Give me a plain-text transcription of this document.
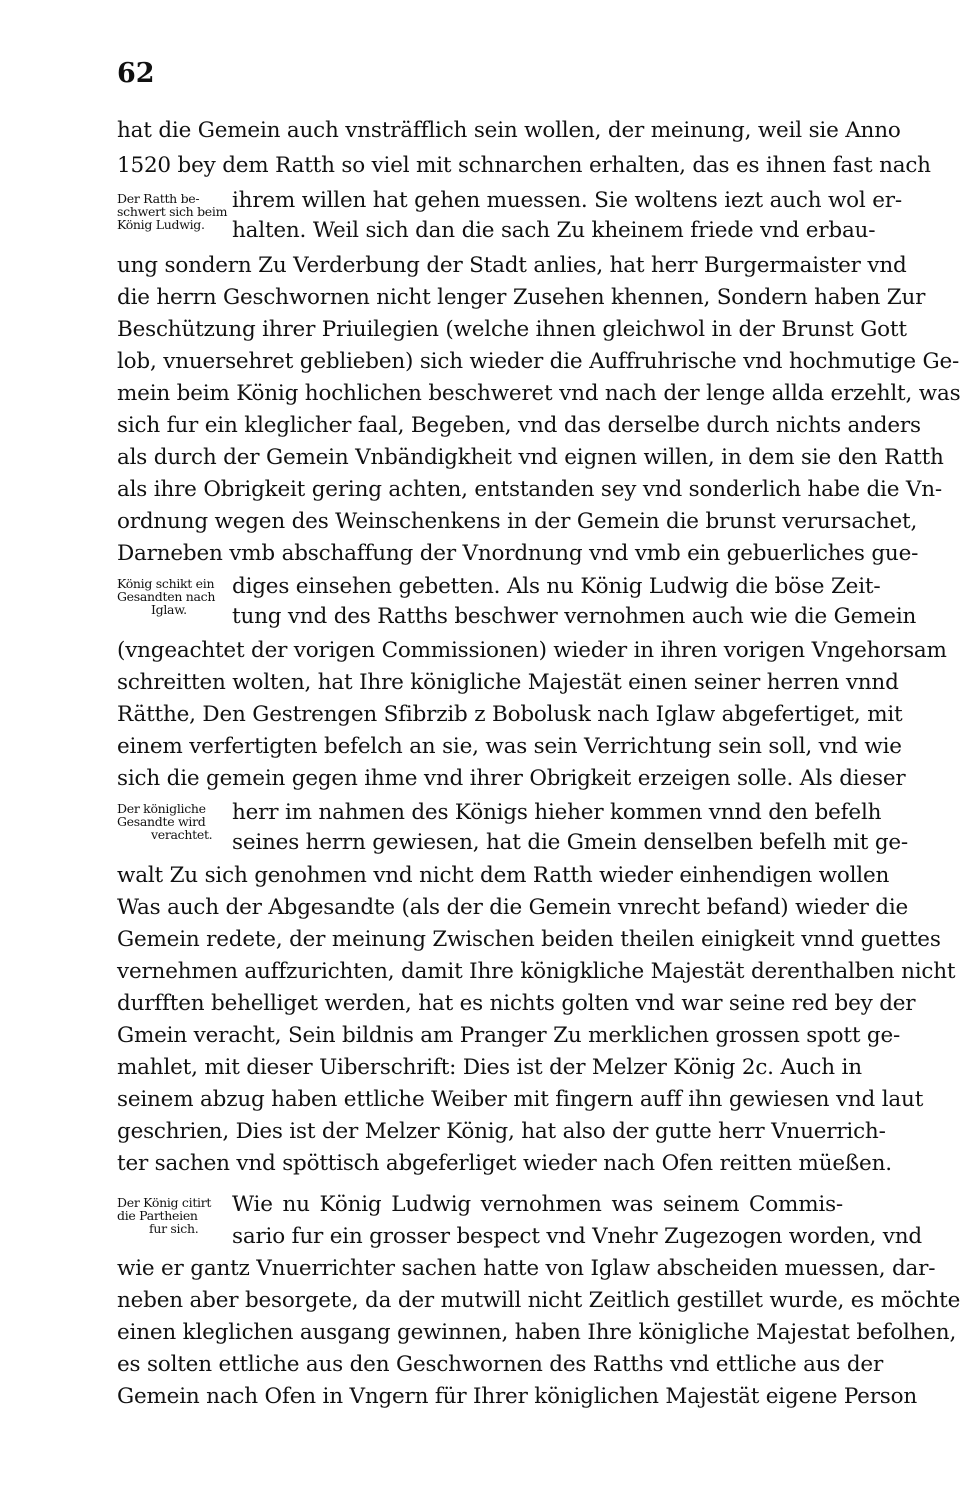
62
hat die Gemein auch vnsträfflich sein wollen, der meinung, weil sie Anno
1520 bey dem Ratth so viel mit schnarchen erhalten, das es ihnen fast nach
ihrem willen hat gehen muessen. Sie woltens iezt auch wol er-
halten. Weil sich dan die sach Zu kheinem friede vnd erbau-
ung sondern Zu Verderbung der Stadt anlies, hat herr Burgermaister vnd
die herrn Geschwornen nicht lenger Zusehen khennen, Sondern haben Zur
Beschützung ihrer Priuilegien (welche ihnen gleichwol in der Brunst Gott
lob, vnuersehret geblieben) sich wieder die Auffruhrische vnd hochmutige Ge-
mein beim König hochlichen beschweret vnd nach der lenge allda erzehlt, was
sich fur ein kleglicher faal, Begeben, vnd das derselbe durch nichts anders
als durch der Gemein Vnbändigkheit vnd eignen willen, in dem sie den Ratth
als ihre Obrigkeit gering achten, entstanden sey vnd sonderlich habe die Vn-
ordnung wegen des Weinschenkens in der Gemein die brunst verursachet,
Darneben vmb abschaffung der Vnordnung vnd vmb ein gebuerliches gue-
diges einsehen gebetten. Als nu König Ludwig die böse Zeit-
tung vnd des Ratths beschwer vernohmen auch wie die Gemein
(vngeachtet der vorigen Commissionen) wieder in ihren vorigen Vngehorsam
schreitten wolten, hat Ihre königliche Majestät einen seiner herren vnnd
Rätthe, Den Gestrengen Sfibrzib z Bobolusk nach Iglaw abgefertiget, mit
einem verfertigten befelch an sie, was sein Verrichtung sein soll, vnd wie
sich die gemein gegen ihme vnd ihrer Obrigkeit erzeigen solle. Als dieser
herr im nahmen des Königs hieher kommen vnnd den befelh
seines herrn gewiesen, hat die Gmein denselben befelh mit ge-
walt Zu sich genohmen vnd nicht dem Ratth wieder einhendigen wollen
Was auch der Abgesandte (als der die Gemein vnrecht befand) wieder die
Gemein redete, der meinung Zwischen beiden theilen einigkeit vnnd guettes
vernehmen auffzurichten, damit Ihre königkliche Majestät derenthalben nicht
durfften behelliget werden, hat es nichts golten vnd war seine red bey der
Gmein veracht, Sein bildnis am Pranger Zu merklichen grossen spott ge-
mahlet, mit dieser Uiberschrift: Dies ist der Melzer König 2c. Auch in
seinem abzug haben ettliche Weiber mit fingern auff ihn gewiesen vnd laut
geschrien, Dies ist der Melzer König, hat also der gutte herr Vnuerrich-
ter sachen vnd spöttisch abgeferliget wieder nach Ofen reitten müeßen.
Wie nu König Ludwig vernohmen was seinem Commis-
sario fur ein grosser bespect vnd Vnehr Zugezogen worden, vnd
wie er gantz Vnuerrichter sachen hatte von Iglaw abscheiden muessen, dar-
neben aber besorgete, da der mutwill nicht Zeitlich gestillet wurde, es möchte
einen kleglichen ausgang gewinnen, haben Ihre königliche Majestat befolhen,
es solten ettliche aus den Geschwornen des Ratths vnd ettliche aus der
Gemein nach Ofen in Vngern für Ihrer königlichen Majestät eigene Person
Der Ratth be-
schwert sich beim
König Ludwig.
König schikt ein
Gesandten nach
Iglaw.
Der königliche
Gesandte wird
verachtet.
Der König citirt
die Partheien
fur sich.
